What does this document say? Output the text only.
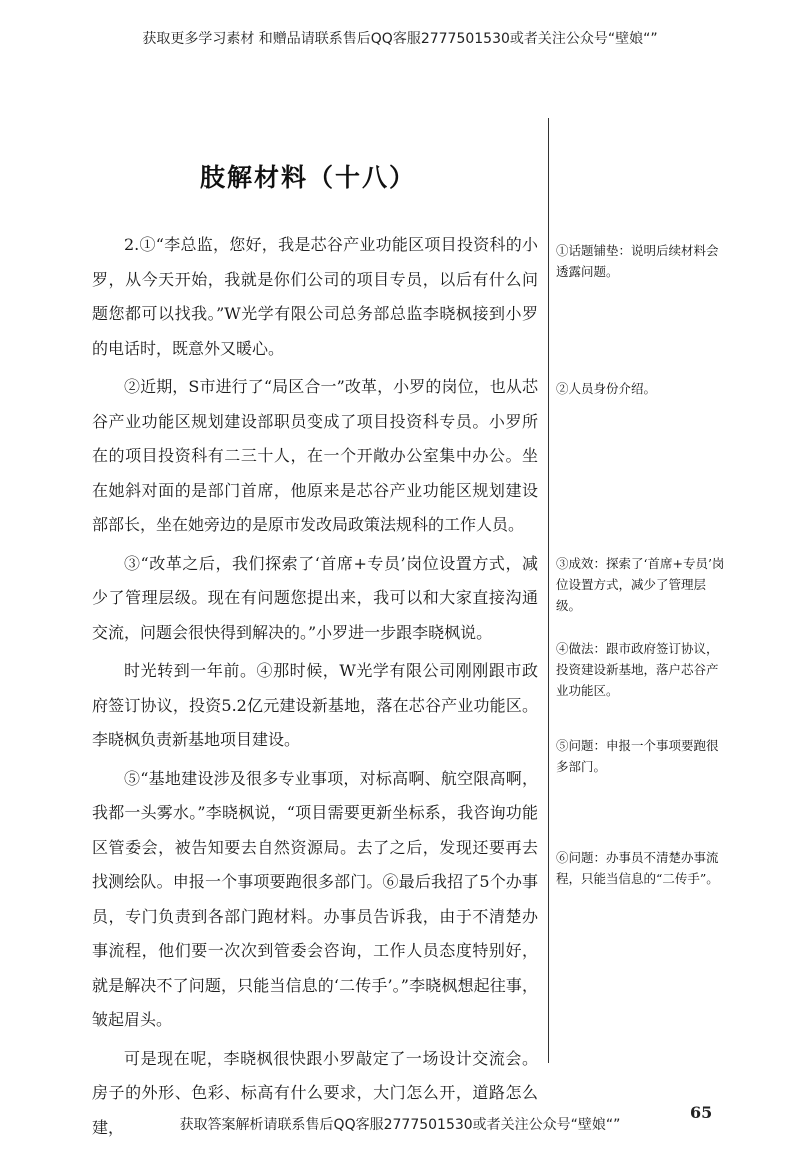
获取更多学习素材 和赠品请联系售后QQ客服2777501530或者关注公众号“壁娘“”
肢解材料（十八）

2.①“李总监，您好，我是芯谷产业功能区项目投资科的小罗，从今天开始，我就是你们公司的项目专员，以后有什么问题您都可以找我。”W光学有限公司总务部总监李晓枫接到小罗的电话时，既意外又暖心。

②近期，S市进行了“局区合一”改革，小罗的岗位，也从芯谷产业功能区规划建设部职员变成了项目投资科专员。小罗所在的项目投资科有二三十人，在一个开敞办公室集中办公。坐在她斜对面的是部门首席，他原来是芯谷产业功能区规划建设部部长，坐在她旁边的是原市发改局政策法规科的工作人员。

③“改革之后，我们探索了‘首席+专员’岗位设置方式，减少了管理层级。现在有问题您提出来，我可以和大家直接沟通交流，问题会很快得到解决的。”小罗进一步跟李晓枫说。

时光转到一年前。④那时候，W光学有限公司刚刚跟市政府签订协议，投资5.2亿元建设新基地，落在芯谷产业功能区。李晓枫负责新基地项目建设。

⑤“基地建设涉及很多专业事项，对标高啊、航空限高啊，我都一头雾水。”李晓枫说，“项目需要更新坐标系，我咨询功能区管委会，被告知要去自然资源局。去了之后，发现还要再去找测绘队。申报一个事项要跑很多部门。⑥最后我招了5个办事员，专门负责到各部门跑材料。办事员告诉我，由于不清楚办事流程，他们要一次次到管委会咨询，工作人员态度特别好，就是解决不了问题，只能当信息的‘二传手’。”李晓枫想起往事，皱起眉头。

可是现在呢，李晓枫很快跟小罗敲定了一场设计交流会。房子的外形、色彩、标高有什么要求，大门怎么开，道路怎么建，

①话题铺垫：说明后续材料会透露问题。
②人员身份介绍。
③成效：探索了‘首席+专员’岗位设置方式，减少了管理层级。
④做法：跟市政府签订协议，投资建设新基地，落户芯谷产业功能区。
⑤问题：申报一个事项要跑很多部门。
⑥问题：办事员不清楚办事流程，只能当信息的“二传手”。
65
获取答案解析请联系售后QQ客服2777501530或者关注公众号“壁娘“”
